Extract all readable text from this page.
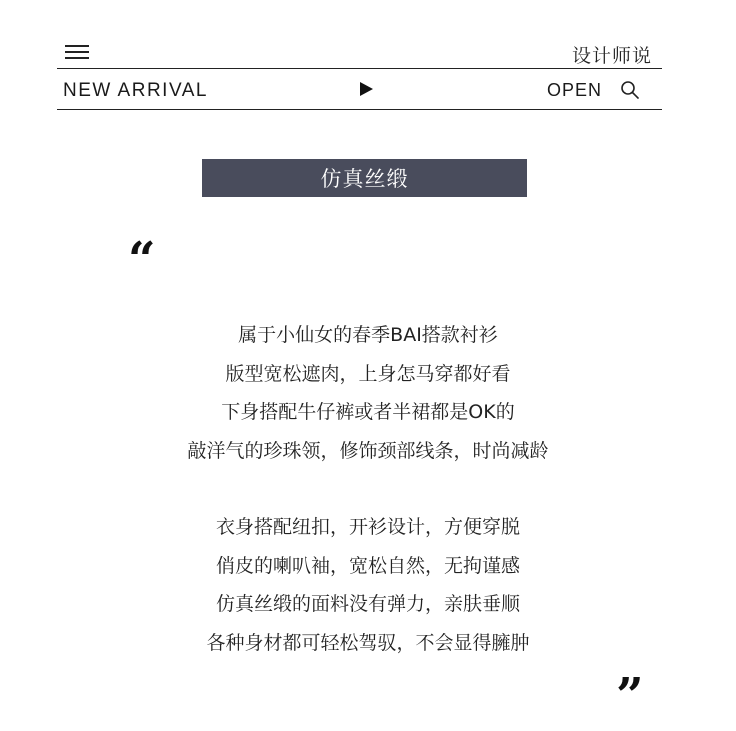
设计师说
NEW ARRIVAL	OPEN
仿真丝缎
“
属于小仙女的春季BAI搭款衬衫
版型宽松遮肉，上身怎马穿都好看
下身搭配牛仔裤或者半裙都是OK的
敲洋气的珍珠领，修饰颈部线条，时尚减龄
衣身搭配纽扣，开衫设计，方便穿脱
俏皮的喇叭袖，宽松自然，无拘谨感
仿真丝缎的面料没有弹力，亲肤垂顺
各种身材都可轻松驾驭，不会显得臃肿
”
